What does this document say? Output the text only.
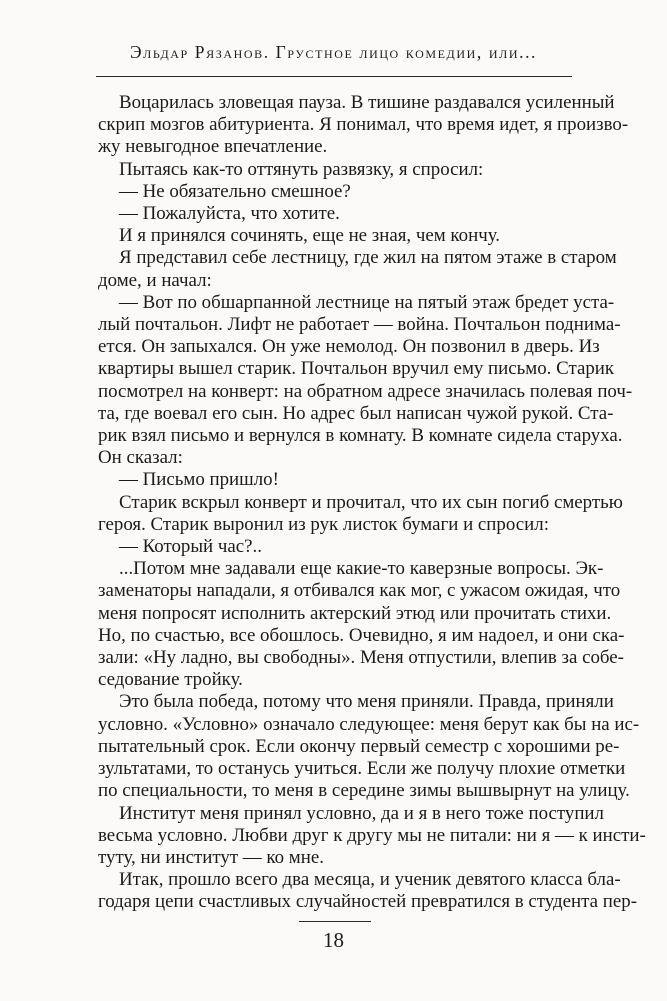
Эльдар Рязанов. Грустное лицо комедии, или...
Воцарилась зловещая пауза. В тишине раздавался усиленный
скрип мозгов абитуриента. Я понимал, что время идет, я произво-
жу невыгодное впечатление.
Пытаясь как-то оттянуть развязку, я спросил:
— Не обязательно смешное?
— Пожалуйста, что хотите.
И я принялся сочинять, еще не зная, чем кончу.
Я представил себе лестницу, где жил на пятом этаже в старом
доме, и начал:
— Вот по обшарпанной лестнице на пятый этаж бредет уста-
лый почтальон. Лифт не работает — война. Почтальон поднима-
ется. Он запыхался. Он уже немолод. Он позвонил в дверь. Из
квартиры вышел старик. Почтальон вручил ему письмо. Старик
посмотрел на конверт: на обратном адресе значилась полевая поч-
та, где воевал его сын. Но адрес был написан чужой рукой. Ста-
рик взял письмо и вернулся в комнату. В комнате сидела старуха.
Он сказал:
— Письмо пришло!
Старик вскрыл конверт и прочитал, что их сын погиб смертью
героя. Старик выронил из рук листок бумаги и спросил:
— Который час?..
...Потом мне задавали еще какие-то каверзные вопросы. Эк-
заменаторы нападали, я отбивался как мог, с ужасом ожидая, что
меня попросят исполнить актерский этюд или прочитать стихи.
Но, по счастью, все обошлось. Очевидно, я им надоел, и они ска-
зали: «Ну ладно, вы свободны». Меня отпустили, влепив за собе-
седование тройку.
Это была победа, потому что меня приняли. Правда, приняли
условно. «Условно» означало следующее: меня берут как бы на ис-
пытательный срок. Если окончу первый семестр с хорошими ре-
зультатами, то останусь учиться. Если же получу плохие отметки
по специальности, то меня в середине зимы вышвырнут на улицу.
Институт меня принял условно, да и я в него тоже поступил
весьма условно. Любви друг к другу мы не питали: ни я — к инсти-
туту, ни институт — ко мне.
Итак, прошло всего два месяца, и ученик девятого класса бла-
годаря цепи счастливых случайностей превратился в студента пер-
18
